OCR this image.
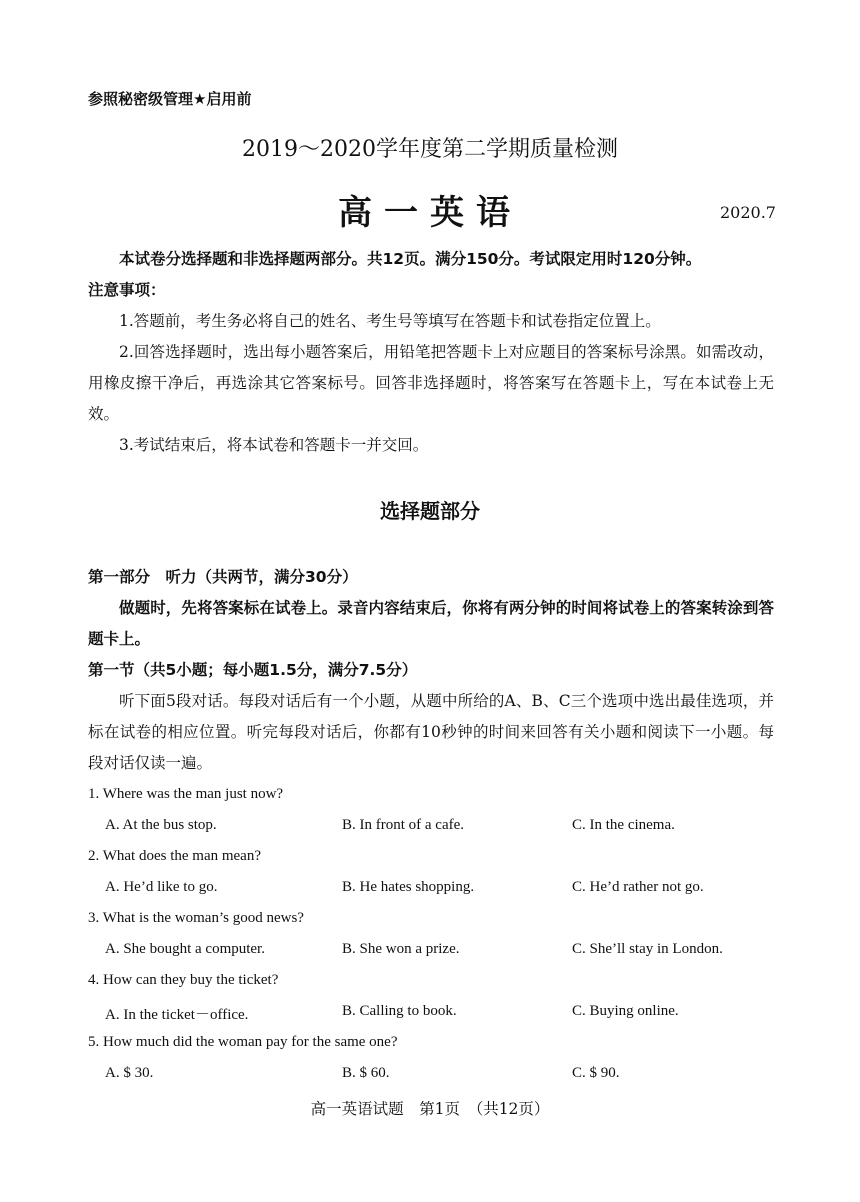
参照秘密级管理★启用前
2019～2020学年度第二学期质量检测
高一英语	2020.7
本试卷分选择题和非选择题两部分。共12页。满分150分。考试限定用时120分钟。
注意事项：
1.答题前，考生务必将自己的姓名、考生号等填写在答题卡和试卷指定位置上。
2.回答选择题时，选出每小题答案后，用铅笔把答题卡上对应题目的答案标号涂黑。如需改动，用橡皮擦干净后，再选涂其它答案标号。回答非选择题时，将答案写在答题卡上，写在本试卷上无效。
3.考试结束后，将本试卷和答题卡一并交回。
选择题部分
第一部分　听力（共两节，满分30分）
做题时，先将答案标在试卷上。录音内容结束后，你将有两分钟的时间将试卷上的答案转涂到答题卡上。
第一节（共5小题；每小题1.5分，满分7.5分）
听下面5段对话。每段对话后有一个小题，从题中所给的A、B、C三个选项中选出最佳选项，并标在试卷的相应位置。听完每段对话后，你都有10秒钟的时间来回答有关小题和阅读下一小题。每段对话仅读一遍。
1. Where was the man just now?
A. At the bus stop.	B. In front of a cafe.	C. In the cinema.
2. What does the man mean?
A. He’d like to go.	B. He hates shopping.	C. He’d rather not go.
3. What is the woman’s good news?
A. She bought a computer.	B. She won a prize.	C. She’ll stay in London.
4. How can they buy the ticket?
A. In the ticket－office.	B. Calling to book.	C. Buying online.
5. How much did the woman pay for the same one?
A. $ 30.	B. $ 60.	C. $ 90.
高一英语试题　第1页　（共12页）
